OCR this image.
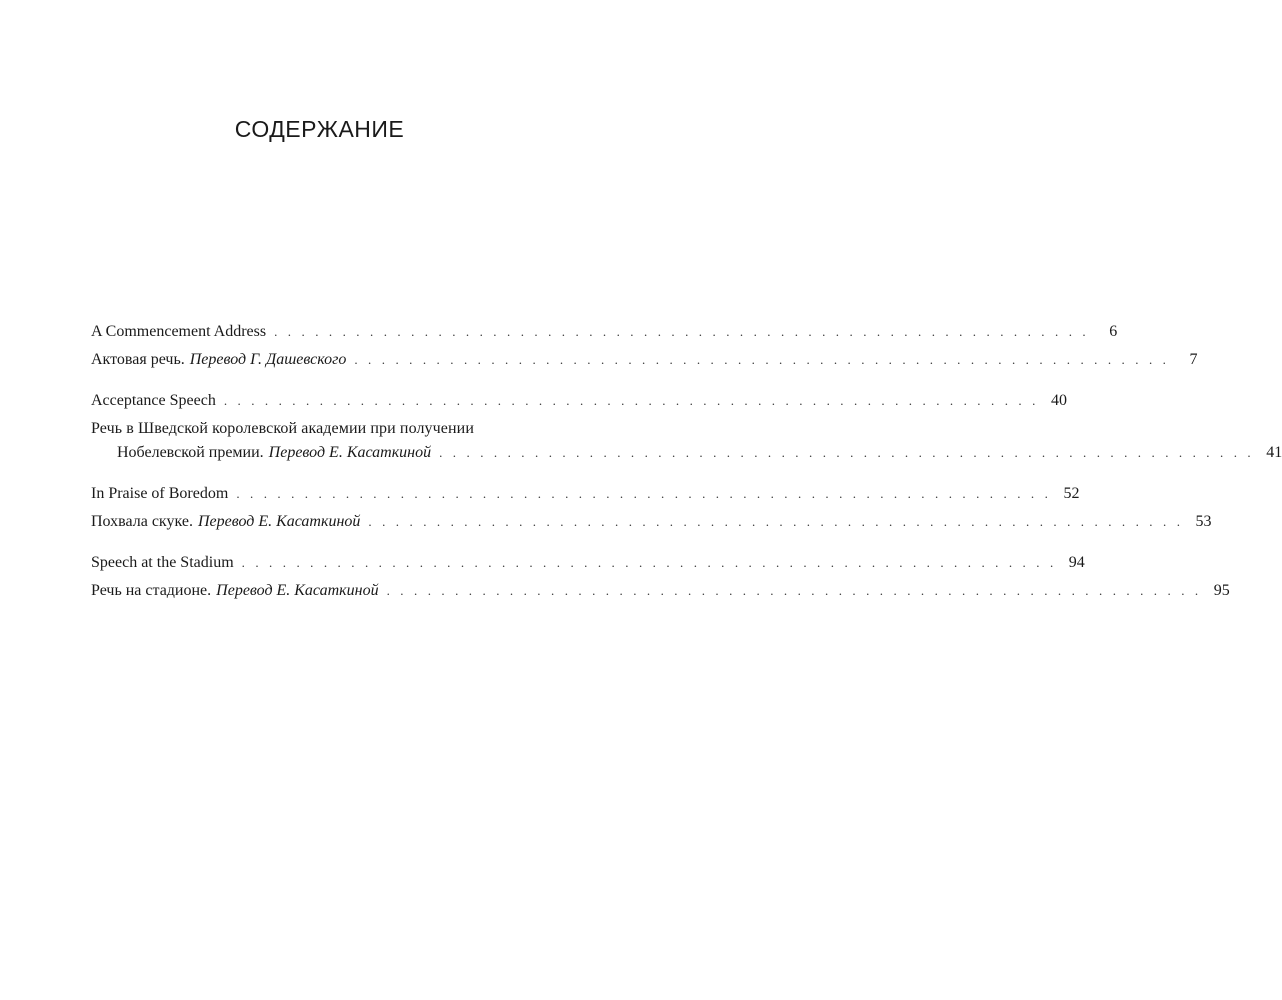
СОДЕРЖАНИЕ
A Commencement Address . . . . . . . . . . . . . . . . . . . . . . . . . . . . . . . . . . . . . . . . . . . . . . . . . . . . . . . . . . . .	6
Актовая речь. Перевод Г. Дашевского . . . . . . . . . . . . . . . . . . . . . . . . . . . . . . . . . . . . . . . . . . . . . . . . . . . . . . . . . . . .	7
Acceptance Speech . . . . . . . . . . . . . . . . . . . . . . . . . . . . . . . . . . . . . . . . . . . . . . . . . . . . . . . . . . . . 40
Речь в Шведской королевской академии при получении
Нобелевской премии. Перевод Е. Касаткиной . . . . . . . . . . . . . . . . . . . . . . . . . . . . . . . . . . . . . . . . . . . . . . . . . . . . . . . . . . . . 41
In Praise of Boredom . . . . . . . . . . . . . . . . . . . . . . . . . . . . . . . . . . . . . . . . . . . . . . . . . . . . . . . . . . . . 52
Похвала скуке. Перевод Е. Касаткиной . . . . . . . . . . . . . . . . . . . . . . . . . . . . . . . . . . . . . . . . . . . . . . . . . . . . . . . . . . . . 53
Speech at the Stadium . . . . . . . . . . . . . . . . . . . . . . . . . . . . . . . . . . . . . . . . . . . . . . . . . . . . . . . . . . . . 94
Речь на стадионе. Перевод Е. Касаткиной . . . . . . . . . . . . . . . . . . . . . . . . . . . . . . . . . . . . . . . . . . . . . . . . . . . . . . . . . . . . 95
